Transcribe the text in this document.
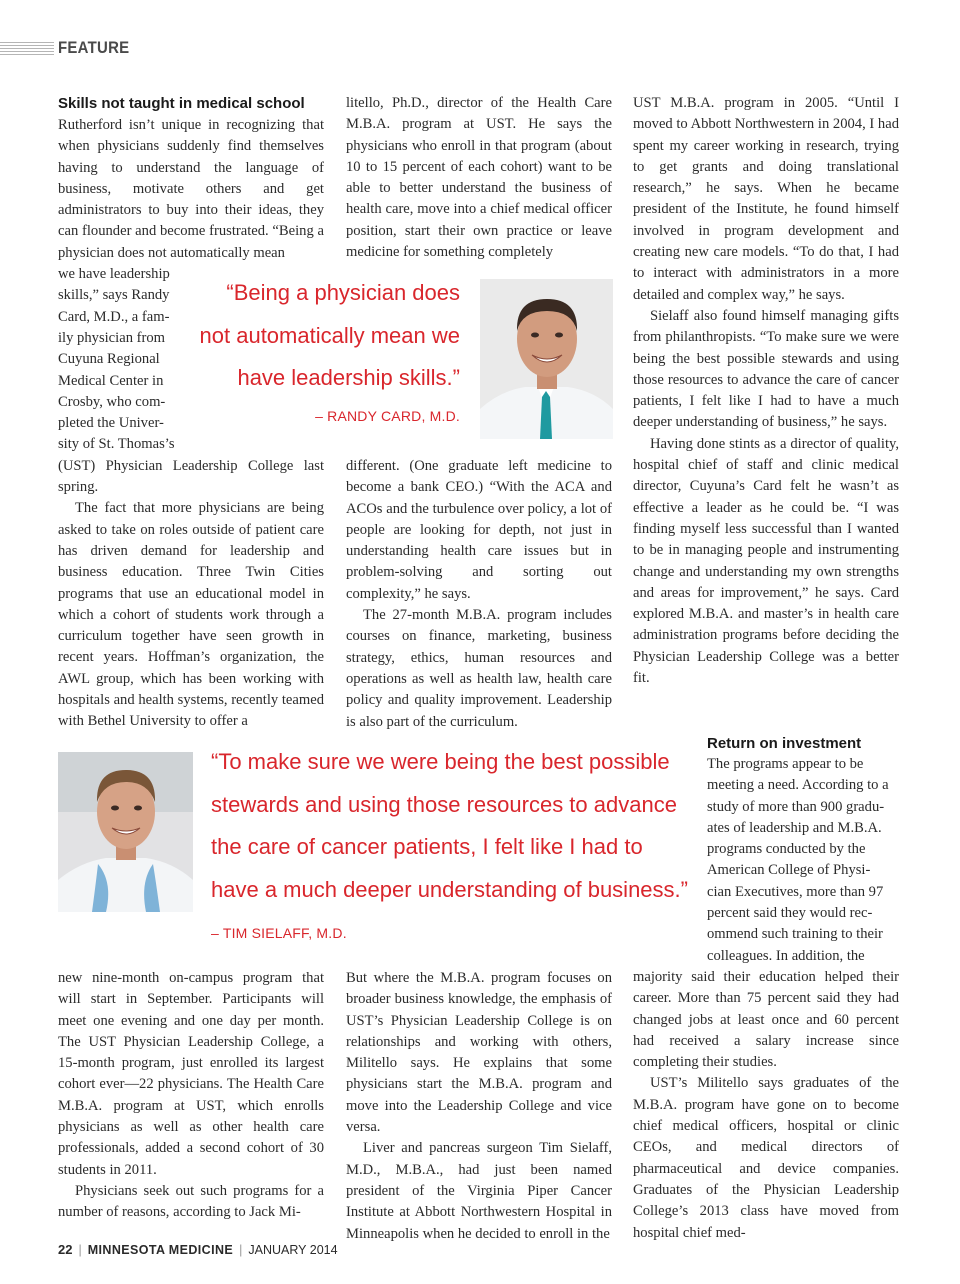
FEATURE
Skills not taught in medical school

Rutherford isn’t unique in recognizing that when physicians suddenly find themselves having to understand the language of business, motivate others and get administrators to buy into their ideas, they can flounder and become frustrated. “Being a physician does not automatically mean

we have leadership
skills,” says Randy
Card, M.D., a fam-
ily physician from
Cuyuna Regional
Medical Center in
Crosby, who com-
pleted the Univer-
sity of St. Thomas’s

(UST) Physician Leadership College last spring.

The fact that more physicians are being asked to take on roles outside of patient care has driven demand for leadership and business education. Three Twin Cities programs that use an educational model in which a cohort of students work through a curriculum together have seen growth in recent years. Hoffman’s organization, the AWL group, which has been working with hospitals and health systems, recently teamed with Bethel University to offer a

litello, Ph.D., director of the Health Care M.B.A. program at UST. He says the physicians who enroll in that program (about 10 to 15 percent of each cohort) want to be able to better understand the business of health care, move into a chief medical officer position, start their own practice or leave medicine for something completely

“Being a physician does
not automatically mean we
have leadership skills.”
– RANDY CARD, M.D.

different. (One graduate left medicine to become a bank CEO.) “With the ACA and ACOs and the turbulence over policy, a lot of people are looking for depth, not just in understanding health care issues but in problem-solving and sorting out complexity,” he says.

The 27-month M.B.A. program includes courses on finance, marketing, business strategy, ethics, human resources and operations as well as health law, health care policy and quality improvement. Leadership is also part of the curriculum.

UST M.B.A. program in 2005. “Until I moved to Abbott Northwestern in 2004, I had spent my career working in research, trying to get grants and doing translational research,” he says. When he became president of the Institute, he found himself involved in program development and creating new care models. “To do that, I had to interact with administrators in a more detailed and complex way,” he says.

Sielaff also found himself managing gifts from philanthropists. “To make sure we were being the best possible stewards and using those resources to advance the care of cancer patients, I felt like I had to have a much deeper understanding of business,” he says.

Having done stints as a director of quality, hospital chief of staff and clinic medical director, Cuyuna’s Card felt he wasn’t as effective a leader as he could be. “I was finding myself less successful than I wanted to be in managing people and instrumenting change and understanding my own strengths and areas for improvement,” he says. Card explored M.B.A. and master’s in health care administration programs before deciding the Physician Leadership College was a better fit.

“To make sure we were being the best possible
stewards and using those resources to advance
the care of cancer patients, I felt like I had to
have a much deeper understanding of business.”
– TIM SIELAFF, M.D.
Return on investment
The programs appear to be
meeting a need. According to a
study of more than 900 gradu-
ates of leadership and M.B.A.
programs conducted by the
American College of Physi-
cian Executives, more than 97
percent said they would rec-
ommend such training to their
colleagues. In addition, the

majority said their education helped their career. More than 75 percent said they had changed jobs at least once and 60 percent had received a salary increase since completing their studies.

UST’s Militello says graduates of the M.B.A. program have gone on to become chief medical officers, hospital or clinic CEOs, and medical directors of pharmaceutical and device companies. Graduates of the Physician Leadership College’s 2013 class have moved from hospital chief med-

new nine-month on-campus program that will start in September. Participants will meet one evening and one day per month. The UST Physician Leadership College, a 15-month program, just enrolled its largest cohort ever—22 physicians. The Health Care M.B.A. program at UST, which enrolls physicians as well as other health care professionals, added a second cohort of 30 students in 2011.

Physicians seek out such programs for a number of reasons, according to Jack Mi-

But where the M.B.A. program focuses on broader business knowledge, the emphasis of UST’s Physician Leadership College is on relationships and working with others, Militello says. He explains that some physicians start the M.B.A. program and move into the Leadership College and vice versa.

Liver and pancreas surgeon Tim Sielaff, M.D., M.B.A., had just been named president of the Virginia Piper Cancer Institute at Abbott Northwestern Hospital in Minneapolis when he decided to enroll in the

22 | MINNESOTA MEDICINE | JANUARY 2014
